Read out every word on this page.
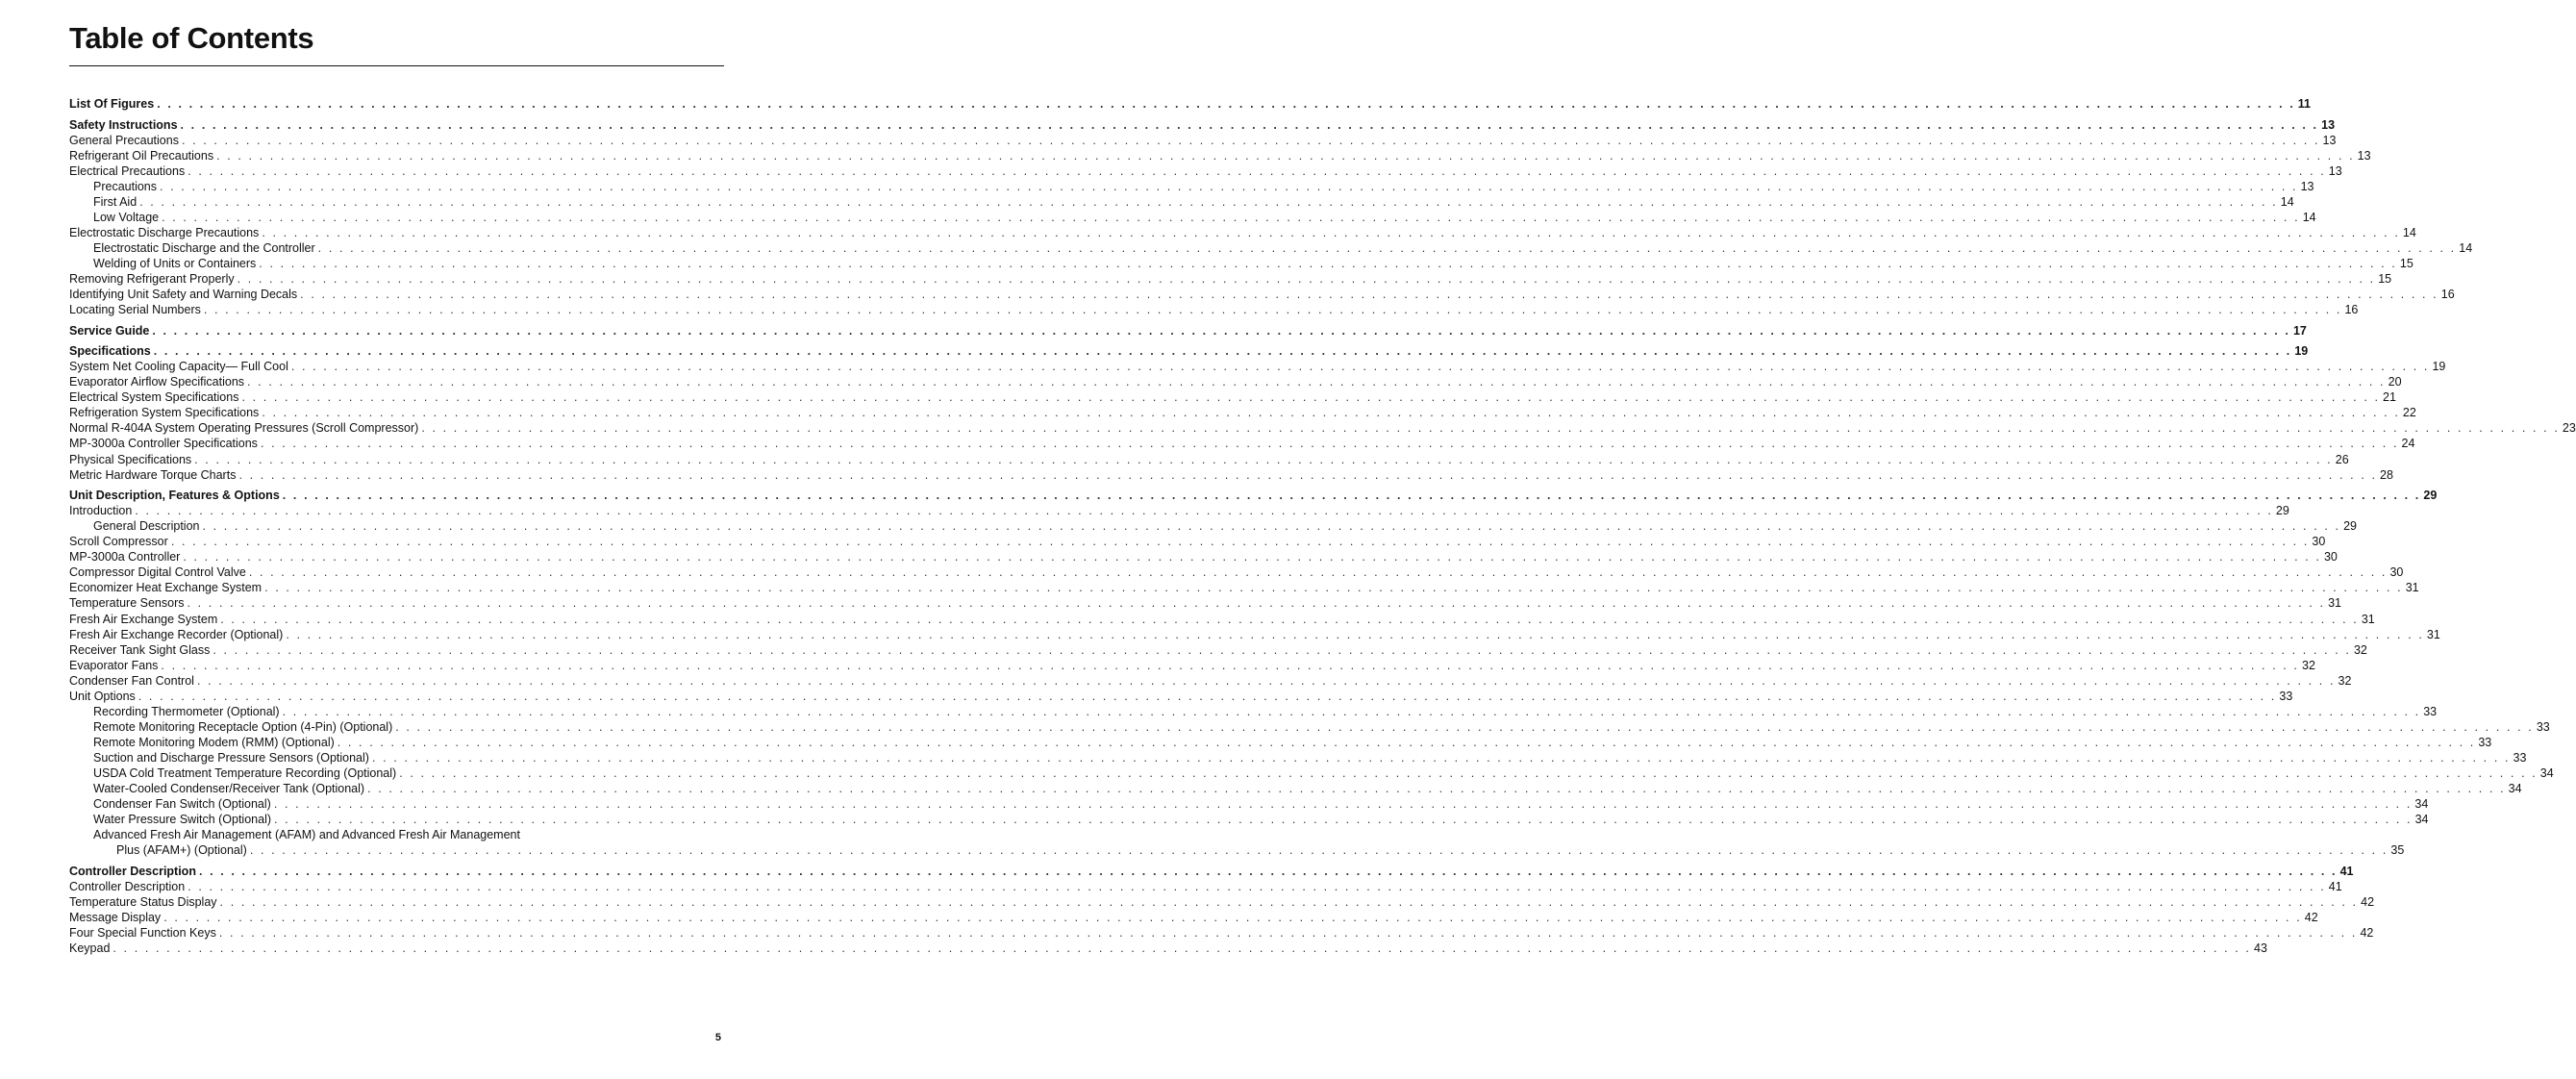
Table of Contents
List Of Figures . . . . . . . . . . . . . . . . . . . . . . . . . . . . . . . . . . . . . . . . . . . . . . . . . . . . . . . . . . . . . . . . . . . . . . . . . . . . . . . . . . . . . . . . . . . . . . . . . . . . . . . . . . . . . . . . . . . . . . . . . . . . . . . . . . . . . . . . . . . . . . . . . . . . . . . . . . . . . . . . . . . . . . . . . . . . . . . . . . . . . . . . . . . . . . . . . . . . . . . . 11
Safety Instructions . . . . . . . . . . . . . . . . . . . . . . . . . . . . . . . . . . . . . . . . . . . . . . . . . . . . . . . . . . . . . . . . . . . . . . . . . . . . . . . . . . . . . . . . . . . . . . . . . . . . . . . . . . . . . . . . . . . . . . . . . . . . . . . . . . . . . . . . . . . . . . . . . . . . . . . . . . . . . . . . . . . . . . . . . . . . . . . . . . . . . . . . . . . . . . . . . . . . . . . . 13
General Precautions . . . . . . . . . . . . . . . . . . . . . . . . . . . . . . . . . . . . . . . . . . . . . . . . . . . . . . . . . . . . . . . . . . . . . . . . . . . . . . . . . . . . . . . . . . . . . . . . . . . . . . . . . . . . . . . . . . . . . . . . . . . . . . . . . . . . . . . . . . . . . . . . . . . . . . . . . . . . . . . . . . . . . . . . . . . . . . . . . . . . . . . . . . . . . . . . . . . . . . . . 13
Refrigerant Oil Precautions . . . . . . . . . . . . . . . . . . . . . . . . . . . . . . . . . . . . . . . . . . . . . . . . . . . . . . . . . . . . . . . . . . . . . . . . . . . . . . . . . . . . . . . . . . . . . . . . . . . . . . . . . . . . . . . . . . . . . . . . . . . . . . . . . . . . . . . . . . . . . . . . . . . . . . . . . . . . . . . . . . . . . . . . . . . . . . . . . . . . . . . . . . . . . . . . . . . . . . . . 13
Electrical Precautions . . . . . . . . . . . . . . . . . . . . . . . . . . . . . . . . . . . . . . . . . . . . . . . . . . . . . . . . . . . . . . . . . . . . . . . . . . . . . . . . . . . . . . . . . . . . . . . . . . . . . . . . . . . . . . . . . . . . . . . . . . . . . . . . . . . . . . . . . . . . . . . . . . . . . . . . . . . . . . . . . . . . . . . . . . . . . . . . . . . . . . . . . . . . . . . . . . . . . . . . 13
Precautions . . . . . . . . . . . . . . . . . . . . . . . . . . . . . . . . . . . . . . . . . . . . . . . . . . . . . . . . . . . . . . . . . . . . . . . . . . . . . . . . . . . . . . . . . . . . . . . . . . . . . . . . . . . . . . . . . . . . . . . . . . . . . . . . . . . . . . . . . . . . . . . . . . . . . . . . . . . . . . . . . . . . . . . . . . . . . . . . . . . . . . . . . . . . . . . . . . . . . . . . 13
First Aid . . . . . . . . . . . . . . . . . . . . . . . . . . . . . . . . . . . . . . . . . . . . . . . . . . . . . . . . . . . . . . . . . . . . . . . . . . . . . . . . . . . . . . . . . . . . . . . . . . . . . . . . . . . . . . . . . . . . . . . . . . . . . . . . . . . . . . . . . . . . . . . . . . . . . . . . . . . . . . . . . . . . . . . . . . . . . . . . . . . . . . . . . . . . . . . . . . . . . . . . 14
Low Voltage . . . . . . . . . . . . . . . . . . . . . . . . . . . . . . . . . . . . . . . . . . . . . . . . . . . . . . . . . . . . . . . . . . . . . . . . . . . . . . . . . . . . . . . . . . . . . . . . . . . . . . . . . . . . . . . . . . . . . . . . . . . . . . . . . . . . . . . . . . . . . . . . . . . . . . . . . . . . . . . . . . . . . . . . . . . . . . . . . . . . . . . . . . . . . . . . . . . . . . . . 14
Electrostatic Discharge Precautions . . . . . . . . . . . . . . . . . . . . . . . . . . . . . . . . . . . . . . . . . . . . . . . . . . . . . . . . . . . . . . . . . . . . . . . . . . . . . . . . . . . . . . . . . . . . . . . . . . . . . . . . . . . . . . . . . . . . . . . . . . . . . . . . . . . . . . . . . . . . . . . . . . . . . . . . . . . . . . . . . . . . . . . . . . . . . . . . . . . . . . . . . . . . . . . . . . . . . . . . 14
Electrostatic Discharge and the Controller . . . . . . . . . . . . . . . . . . . . . . . . . . . . . . . . . . . . . . . . . . . . . . . . . . . . . . . . . . . . . . . . . . . . . . . . . . . . . . . . . . . . . . . . . . . . . . . . . . . . . . . . . . . . . . . . . . . . . . . . . . . . . . . . . . . . . . . . . . . . . . . . . . . . . . . . . . . . . . . . . . . . . . . . . . . . . . . . . . . . . . . . . . . . . . . . . . . . . . . . 14
Welding of Units or Containers . . . . . . . . . . . . . . . . . . . . . . . . . . . . . . . . . . . . . . . . . . . . . . . . . . . . . . . . . . . . . . . . . . . . . . . . . . . . . . . . . . . . . . . . . . . . . . . . . . . . . . . . . . . . . . . . . . . . . . . . . . . . . . . . . . . . . . . . . . . . . . . . . . . . . . . . . . . . . . . . . . . . . . . . . . . . . . . . . . . . . . . . . . . . . . . . . . . . . . . . 15
Removing Refrigerant Properly . . . . . . . . . . . . . . . . . . . . . . . . . . . . . . . . . . . . . . . . . . . . . . . . . . . . . . . . . . . . . . . . . . . . . . . . . . . . . . . . . . . . . . . . . . . . . . . . . . . . . . . . . . . . . . . . . . . . . . . . . . . . . . . . . . . . . . . . . . . . . . . . . . . . . . . . . . . . . . . . . . . . . . . . . . . . . . . . . . . . . . . . . . . . . . . . . . . . . . . . 15
Identifying Unit Safety and Warning Decals . . . . . . . . . . . . . . . . . . . . . . . . . . . . . . . . . . . . . . . . . . . . . . . . . . . . . . . . . . . . . . . . . . . . . . . . . . . . . . . . . . . . . . . . . . . . . . . . . . . . . . . . . . . . . . . . . . . . . . . . . . . . . . . . . . . . . . . . . . . . . . . . . . . . . . . . . . . . . . . . . . . . . . . . . . . . . . . . . . . . . . . . . . . . . . . . . . . . . . . . 16
Locating Serial Numbers . . . . . . . . . . . . . . . . . . . . . . . . . . . . . . . . . . . . . . . . . . . . . . . . . . . . . . . . . . . . . . . . . . . . . . . . . . . . . . . . . . . . . . . . . . . . . . . . . . . . . . . . . . . . . . . . . . . . . . . . . . . . . . . . . . . . . . . . . . . . . . . . . . . . . . . . . . . . . . . . . . . . . . . . . . . . . . . . . . . . . . . . . . . . . . . . . . . . . . . . 16
Service Guide . . . . . . . . . . . . . . . . . . . . . . . . . . . . . . . . . . . . . . . . . . . . . . . . . . . . . . . . . . . . . . . . . . . . . . . . . . . . . . . . . . . . . . . . . . . . . . . . . . . . . . . . . . . . . . . . . . . . . . . . . . . . . . . . . . . . . . . . . . . . . . . . . . . . . . . . . . . . . . . . . . . . . . . . . . . . . . . . . . . . . . . . . . . . . . . . . . . . . . . . 17
Specifications . . . . . . . . . . . . . . . . . . . . . . . . . . . . . . . . . . . . . . . . . . . . . . . . . . . . . . . . . . . . . . . . . . . . . . . . . . . . . . . . . . . . . . . . . . . . . . . . . . . . . . . . . . . . . . . . . . . . . . . . . . . . . . . . . . . . . . . . . . . . . . . . . . . . . . . . . . . . . . . . . . . . . . . . . . . . . . . . . . . . . . . . . . . . . . . . . . . . . . . . 19
System Net Cooling Capacity— Full Cool . . . . . . . . . . . . . . . . . . . . . . . . . . . . . . . . . . . . . . . . . . . . . . . . . . . . . . . . . . . . . . . . . . . . . . . . . . . . . . . . . . . . . . . . . . . . . . . . . . . . . . . . . . . . . . . . . . . . . . . . . . . . . . . . . . . . . . . . . . . . . . . . . . . . . . . . . . . . . . . . . . . . . . . . . . . . . . . . . . . . . . . . . . . . . . . . . . . . . . . . 19
Evaporator Airflow Specifications . . . . . . . . . . . . . . . . . . . . . . . . . . . . . . . . . . . . . . . . . . . . . . . . . . . . . . . . . . . . . . . . . . . . . . . . . . . . . . . . . . . . . . . . . . . . . . . . . . . . . . . . . . . . . . . . . . . . . . . . . . . . . . . . . . . . . . . . . . . . . . . . . . . . . . . . . . . . . . . . . . . . . . . . . . . . . . . . . . . . . . . . . . . . . . . . . . . . . . . . 20
Electrical System Specifications . . . . . . . . . . . . . . . . . . . . . . . . . . . . . . . . . . . . . . . . . . . . . . . . . . . . . . . . . . . . . . . . . . . . . . . . . . . . . . . . . . . . . . . . . . . . . . . . . . . . . . . . . . . . . . . . . . . . . . . . . . . . . . . . . . . . . . . . . . . . . . . . . . . . . . . . . . . . . . . . . . . . . . . . . . . . . . . . . . . . . . . . . . . . . . . . . . . . . . . . 21
Refrigeration System Specifications . . . . . . . . . . . . . . . . . . . . . . . . . . . . . . . . . . . . . . . . . . . . . . . . . . . . . . . . . . . . . . . . . . . . . . . . . . . . . . . . . . . . . . . . . . . . . . . . . . . . . . . . . . . . . . . . . . . . . . . . . . . . . . . . . . . . . . . . . . . . . . . . . . . . . . . . . . . . . . . . . . . . . . . . . . . . . . . . . . . . . . . . . . . . . . . . . . . . . . . . 22
Normal R-404A System Operating Pressures (Scroll Compressor) . . . . . . . . . . . . . . . . . . . . . . . . . . . . . . . . . . . . . . . . . . . . . . . . . . . . . . . . . . . . . . . . . . . . . . . . . . . . . . . . . . . . . . . . . . . . . . . . . . . . . . . . . . . . . . . . . . . . . . . . . . . . . . . . . . . . . . . . . . . . . . . . . . . . . . . . . . . . . . . . . . . . . . . . . . . . . . . . . . . . . . . . . . . . . . . . . . . . . . . . 23
MP-3000a Controller Specifications . . . . . . . . . . . . . . . . . . . . . . . . . . . . . . . . . . . . . . . . . . . . . . . . . . . . . . . . . . . . . . . . . . . . . . . . . . . . . . . . . . . . . . . . . . . . . . . . . . . . . . . . . . . . . . . . . . . . . . . . . . . . . . . . . . . . . . . . . . . . . . . . . . . . . . . . . . . . . . . . . . . . . . . . . . . . . . . . . . . . . . . . . . . . . . . . . . . . . . . . 24
Physical Specifications . . . . . . . . . . . . . . . . . . . . . . . . . . . . . . . . . . . . . . . . . . . . . . . . . . . . . . . . . . . . . . . . . . . . . . . . . . . . . . . . . . . . . . . . . . . . . . . . . . . . . . . . . . . . . . . . . . . . . . . . . . . . . . . . . . . . . . . . . . . . . . . . . . . . . . . . . . . . . . . . . . . . . . . . . . . . . . . . . . . . . . . . . . . . . . . . . . . . . . . . 26
Metric Hardware Torque Charts . . . . . . . . . . . . . . . . . . . . . . . . . . . . . . . . . . . . . . . . . . . . . . . . . . . . . . . . . . . . . . . . . . . . . . . . . . . . . . . . . . . . . . . . . . . . . . . . . . . . . . . . . . . . . . . . . . . . . . . . . . . . . . . . . . . . . . . . . . . . . . . . . . . . . . . . . . . . . . . . . . . . . . . . . . . . . . . . . . . . . . . . . . . . . . . . . . . . . . . . 28
Unit Description, Features & Options . . . . . . . . . . . . . . . . . . . . . . . . . . . . . . . . . . . . . . . . . . . . . . . . . . . . . . . . . . . . . . . . . . . . . . . . . . . . . . . . . . . . . . . . . . . . . . . . . . . . . . . . . . . . . . . . . . . . . . . . . . . . . . . . . . . . . . . . . . . . . . . . . . . . . . . . . . . . . . . . . . . . . . . . . . . . . . . . . . . . . . . . . . . . . . . . . . . . . . . . 29
Introduction . . . . . . . . . . . . . . . . . . . . . . . . . . . . . . . . . . . . . . . . . . . . . . . . . . . . . . . . . . . . . . . . . . . . . . . . . . . . . . . . . . . . . . . . . . . . . . . . . . . . . . . . . . . . . . . . . . . . . . . . . . . . . . . . . . . . . . . . . . . . . . . . . . . . . . . . . . . . . . . . . . . . . . . . . . . . . . . . . . . . . . . . . . . . . . . . . . . . . . . . 29
General Description . . . . . . . . . . . . . . . . . . . . . . . . . . . . . . . . . . . . . . . . . . . . . . . . . . . . . . . . . . . . . . . . . . . . . . . . . . . . . . . . . . . . . . . . . . . . . . . . . . . . . . . . . . . . . . . . . . . . . . . . . . . . . . . . . . . . . . . . . . . . . . . . . . . . . . . . . . . . . . . . . . . . . . . . . . . . . . . . . . . . . . . . . . . . . . . . . . . . . . . . 29
Scroll Compressor . . . . . . . . . . . . . . . . . . . . . . . . . . . . . . . . . . . . . . . . . . . . . . . . . . . . . . . . . . . . . . . . . . . . . . . . . . . . . . . . . . . . . . . . . . . . . . . . . . . . . . . . . . . . . . . . . . . . . . . . . . . . . . . . . . . . . . . . . . . . . . . . . . . . . . . . . . . . . . . . . . . . . . . . . . . . . . . . . . . . . . . . . . . . . . . . . . . . . . . . 30
MP-3000a Controller . . . . . . . . . . . . . . . . . . . . . . . . . . . . . . . . . . . . . . . . . . . . . . . . . . . . . . . . . . . . . . . . . . . . . . . . . . . . . . . . . . . . . . . . . . . . . . . . . . . . . . . . . . . . . . . . . . . . . . . . . . . . . . . . . . . . . . . . . . . . . . . . . . . . . . . . . . . . . . . . . . . . . . . . . . . . . . . . . . . . . . . . . . . . . . . . . . . . . . . . 30
Compressor Digital Control Valve . . . . . . . . . . . . . . . . . . . . . . . . . . . . . . . . . . . . . . . . . . . . . . . . . . . . . . . . . . . . . . . . . . . . . . . . . . . . . . . . . . . . . . . . . . . . . . . . . . . . . . . . . . . . . . . . . . . . . . . . . . . . . . . . . . . . . . . . . . . . . . . . . . . . . . . . . . . . . . . . . . . . . . . . . . . . . . . . . . . . . . . . . . . . . . . . . . . . . . . . 30
Economizer Heat Exchange System . . . . . . . . . . . . . . . . . . . . . . . . . . . . . . . . . . . . . . . . . . . . . . . . . . . . . . . . . . . . . . . . . . . . . . . . . . . . . . . . . . . . . . . . . . . . . . . . . . . . . . . . . . . . . . . . . . . . . . . . . . . . . . . . . . . . . . . . . . . . . . . . . . . . . . . . . . . . . . . . . . . . . . . . . . . . . . . . . . . . . . . . . . . . . . . . . . . . . . . . 31
Temperature Sensors . . . . . . . . . . . . . . . . . . . . . . . . . . . . . . . . . . . . . . . . . . . . . . . . . . . . . . . . . . . . . . . . . . . . . . . . . . . . . . . . . . . . . . . . . . . . . . . . . . . . . . . . . . . . . . . . . . . . . . . . . . . . . . . . . . . . . . . . . . . . . . . . . . . . . . . . . . . . . . . . . . . . . . . . . . . . . . . . . . . . . . . . . . . . . . . . . . . . . . . . 31
Fresh Air Exchange System . . . . . . . . . . . . . . . . . . . . . . . . . . . . . . . . . . . . . . . . . . . . . . . . . . . . . . . . . . . . . . . . . . . . . . . . . . . . . . . . . . . . . . . . . . . . . . . . . . . . . . . . . . . . . . . . . . . . . . . . . . . . . . . . . . . . . . . . . . . . . . . . . . . . . . . . . . . . . . . . . . . . . . . . . . . . . . . . . . . . . . . . . . . . . . . . . . . . . . . . 31
Fresh Air Exchange Recorder (Optional) . . . . . . . . . . . . . . . . . . . . . . . . . . . . . . . . . . . . . . . . . . . . . . . . . . . . . . . . . . . . . . . . . . . . . . . . . . . . . . . . . . . . . . . . . . . . . . . . . . . . . . . . . . . . . . . . . . . . . . . . . . . . . . . . . . . . . . . . . . . . . . . . . . . . . . . . . . . . . . . . . . . . . . . . . . . . . . . . . . . . . . . . . . . . . . . . . . . . . . . . 31
Receiver Tank Sight Glass . . . . . . . . . . . . . . . . . . . . . . . . . . . . . . . . . . . . . . . . . . . . . . . . . . . . . . . . . . . . . . . . . . . . . . . . . . . . . . . . . . . . . . . . . . . . . . . . . . . . . . . . . . . . . . . . . . . . . . . . . . . . . . . . . . . . . . . . . . . . . . . . . . . . . . . . . . . . . . . . . . . . . . . . . . . . . . . . . . . . . . . . . . . . . . . . . . . . . . . . 32
Evaporator Fans . . . . . . . . . . . . . . . . . . . . . . . . . . . . . . . . . . . . . . . . . . . . . . . . . . . . . . . . . . . . . . . . . . . . . . . . . . . . . . . . . . . . . . . . . . . . . . . . . . . . . . . . . . . . . . . . . . . . . . . . . . . . . . . . . . . . . . . . . . . . . . . . . . . . . . . . . . . . . . . . . . . . . . . . . . . . . . . . . . . . . . . . . . . . . . . . . . . . . . . . 32
Condenser Fan Control . . . . . . . . . . . . . . . . . . . . . . . . . . . . . . . . . . . . . . . . . . . . . . . . . . . . . . . . . . . . . . . . . . . . . . . . . . . . . . . . . . . . . . . . . . . . . . . . . . . . . . . . . . . . . . . . . . . . . . . . . . . . . . . . . . . . . . . . . . . . . . . . . . . . . . . . . . . . . . . . . . . . . . . . . . . . . . . . . . . . . . . . . . . . . . . . . . . . . . . . 32
Unit Options . . . . . . . . . . . . . . . . . . . . . . . . . . . . . . . . . . . . . . . . . . . . . . . . . . . . . . . . . . . . . . . . . . . . . . . . . . . . . . . . . . . . . . . . . . . . . . . . . . . . . . . . . . . . . . . . . . . . . . . . . . . . . . . . . . . . . . . . . . . . . . . . . . . . . . . . . . . . . . . . . . . . . . . . . . . . . . . . . . . . . . . . . . . . . . . . . . . . . . . . 33
Recording Thermometer (Optional) . . . . . . . . . . . . . . . . . . . . . . . . . . . . . . . . . . . . . . . . . . . . . . . . . . . . . . . . . . . . . . . . . . . . . . . . . . . . . . . . . . . . . . . . . . . . . . . . . . . . . . . . . . . . . . . . . . . . . . . . . . . . . . . . . . . . . . . . . . . . . . . . . . . . . . . . . . . . . . . . . . . . . . . . . . . . . . . . . . . . . . . . . . . . . . . . . . . . . . . . 33
Remote Monitoring Receptacle Option (4-Pin) (Optional) . . . . . . . . . . . . . . . . . . . . . . . . . . . . . . . . . . . . . . . . . . . . . . . . . . . . . . . . . . . . . . . . . . . . . . . . . . . . . . . . . . . . . . . . . . . . . . . . . . . . . . . . . . . . . . . . . . . . . . . . . . . . . . . . . . . . . . . . . . . . . . . . . . . . . . . . . . . . . . . . . . . . . . . . . . . . . . . . . . . . . . . . . . . . . . . . . . . . . . . . 33
Remote Monitoring Modem (RMM) (Optional) . . . . . . . . . . . . . . . . . . . . . . . . . . . . . . . . . . . . . . . . . . . . . . . . . . . . . . . . . . . . . . . . . . . . . . . . . . . . . . . . . . . . . . . . . . . . . . . . . . . . . . . . . . . . . . . . . . . . . . . . . . . . . . . . . . . . . . . . . . . . . . . . . . . . . . . . . . . . . . . . . . . . . . . . . . . . . . . . . . . . . . . . . . . . . . . . . . . . . . . . 33
Suction and Discharge Pressure Sensors (Optional) . . . . . . . . . . . . . . . . . . . . . . . . . . . . . . . . . . . . . . . . . . . . . . . . . . . . . . . . . . . . . . . . . . . . . . . . . . . . . . . . . . . . . . . . . . . . . . . . . . . . . . . . . . . . . . . . . . . . . . . . . . . . . . . . . . . . . . . . . . . . . . . . . . . . . . . . . . . . . . . . . . . . . . . . . . . . . . . . . . . . . . . . . . . . . . . . . . . . . . . . 33
USDA Cold Treatment Temperature Recording (Optional) . . . . . . . . . . . . . . . . . . . . . . . . . . . . . . . . . . . . . . . . . . . . . . . . . . . . . . . . . . . . . . . . . . . . . . . . . . . . . . . . . . . . . . . . . . . . . . . . . . . . . . . . . . . . . . . . . . . . . . . . . . . . . . . . . . . . . . . . . . . . . . . . . . . . . . . . . . . . . . . . . . . . . . . . . . . . . . . . . . . . . . . . . . . . . . . . . . . . . . . . 34
Water-Cooled Condenser/Receiver Tank (Optional) . . . . . . . . . . . . . . . . . . . . . . . . . . . . . . . . . . . . . . . . . . . . . . . . . . . . . . . . . . . . . . . . . . . . . . . . . . . . . . . . . . . . . . . . . . . . . . . . . . . . . . . . . . . . . . . . . . . . . . . . . . . . . . . . . . . . . . . . . . . . . . . . . . . . . . . . . . . . . . . . . . . . . . . . . . . . . . . . . . . . . . . . . . . . . . . . . . . . . . . . 34
Condenser Fan Switch (Optional) . . . . . . . . . . . . . . . . . . . . . . . . . . . . . . . . . . . . . . . . . . . . . . . . . . . . . . . . . . . . . . . . . . . . . . . . . . . . . . . . . . . . . . . . . . . . . . . . . . . . . . . . . . . . . . . . . . . . . . . . . . . . . . . . . . . . . . . . . . . . . . . . . . . . . . . . . . . . . . . . . . . . . . . . . . . . . . . . . . . . . . . . . . . . . . . . . . . . . . . . 34
Water Pressure Switch (Optional) . . . . . . . . . . . . . . . . . . . . . . . . . . . . . . . . . . . . . . . . . . . . . . . . . . . . . . . . . . . . . . . . . . . . . . . . . . . . . . . . . . . . . . . . . . . . . . . . . . . . . . . . . . . . . . . . . . . . . . . . . . . . . . . . . . . . . . . . . . . . . . . . . . . . . . . . . . . . . . . . . . . . . . . . . . . . . . . . . . . . . . . . . . . . . . . . . . . . . . . . 34
Advanced Fresh Air Management (AFAM) and Advanced Fresh Air Management
Plus (AFAM+) (Optional) . . . . . . . . . . . . . . . . . . . . . . . . . . . . . . . . . . . . . . . . . . . . . . . . . . . . . . . . . . . . . . . . . . . . . . . . . . . . . . . . . . . . . . . . . . . . . . . . . . . . . . . . . . . . . . . . . . . . . . . . . . . . . . . . . . . . . . . . . . . . . . . . . . . . . . . . . . . . . . . . . . . . . . . . . . . . . . . . . . . . . . . . . . . . . . . . . . . . . . . . 35
Controller Description . . . . . . . . . . . . . . . . . . . . . . . . . . . . . . . . . . . . . . . . . . . . . . . . . . . . . . . . . . . . . . . . . . . . . . . . . . . . . . . . . . . . . . . . . . . . . . . . . . . . . . . . . . . . . . . . . . . . . . . . . . . . . . . . . . . . . . . . . . . . . . . . . . . . . . . . . . . . . . . . . . . . . . . . . . . . . . . . . . . . . . . . . . . . . . . . . . . . . . . . 41
Controller Description . . . . . . . . . . . . . . . . . . . . . . . . . . . . . . . . . . . . . . . . . . . . . . . . . . . . . . . . . . . . . . . . . . . . . . . . . . . . . . . . . . . . . . . . . . . . . . . . . . . . . . . . . . . . . . . . . . . . . . . . . . . . . . . . . . . . . . . . . . . . . . . . . . . . . . . . . . . . . . . . . . . . . . . . . . . . . . . . . . . . . . . . . . . . . . . . . . . . . . . . 41
Temperature Status Display . . . . . . . . . . . . . . . . . . . . . . . . . . . . . . . . . . . . . . . . . . . . . . . . . . . . . . . . . . . . . . . . . . . . . . . . . . . . . . . . . . . . . . . . . . . . . . . . . . . . . . . . . . . . . . . . . . . . . . . . . . . . . . . . . . . . . . . . . . . . . . . . . . . . . . . . . . . . . . . . . . . . . . . . . . . . . . . . . . . . . . . . . . . . . . . . . . . . . . . . 42
Message Display . . . . . . . . . . . . . . . . . . . . . . . . . . . . . . . . . . . . . . . . . . . . . . . . . . . . . . . . . . . . . . . . . . . . . . . . . . . . . . . . . . . . . . . . . . . . . . . . . . . . . . . . . . . . . . . . . . . . . . . . . . . . . . . . . . . . . . . . . . . . . . . . . . . . . . . . . . . . . . . . . . . . . . . . . . . . . . . . . . . . . . . . . . . . . . . . . . . . . . . . 42
Four Special Function Keys . . . . . . . . . . . . . . . . . . . . . . . . . . . . . . . . . . . . . . . . . . . . . . . . . . . . . . . . . . . . . . . . . . . . . . . . . . . . . . . . . . . . . . . . . . . . . . . . . . . . . . . . . . . . . . . . . . . . . . . . . . . . . . . . . . . . . . . . . . . . . . . . . . . . . . . . . . . . . . . . . . . . . . . . . . . . . . . . . . . . . . . . . . . . . . . . . . . . . . . . 42
Keypad . . . . . . . . . . . . . . . . . . . . . . . . . . . . . . . . . . . . . . . . . . . . . . . . . . . . . . . . . . . . . . . . . . . . . . . . . . . . . . . . . . . . . . . . . . . . . . . . . . . . . . . . . . . . . . . . . . . . . . . . . . . . . . . . . . . . . . . . . . . . . . . . . . . . . . . . . . . . . . . . . . . . . . . . . . . . . . . . . . . . . . . . . . . . . . . . . . . . . . . . 43
5
